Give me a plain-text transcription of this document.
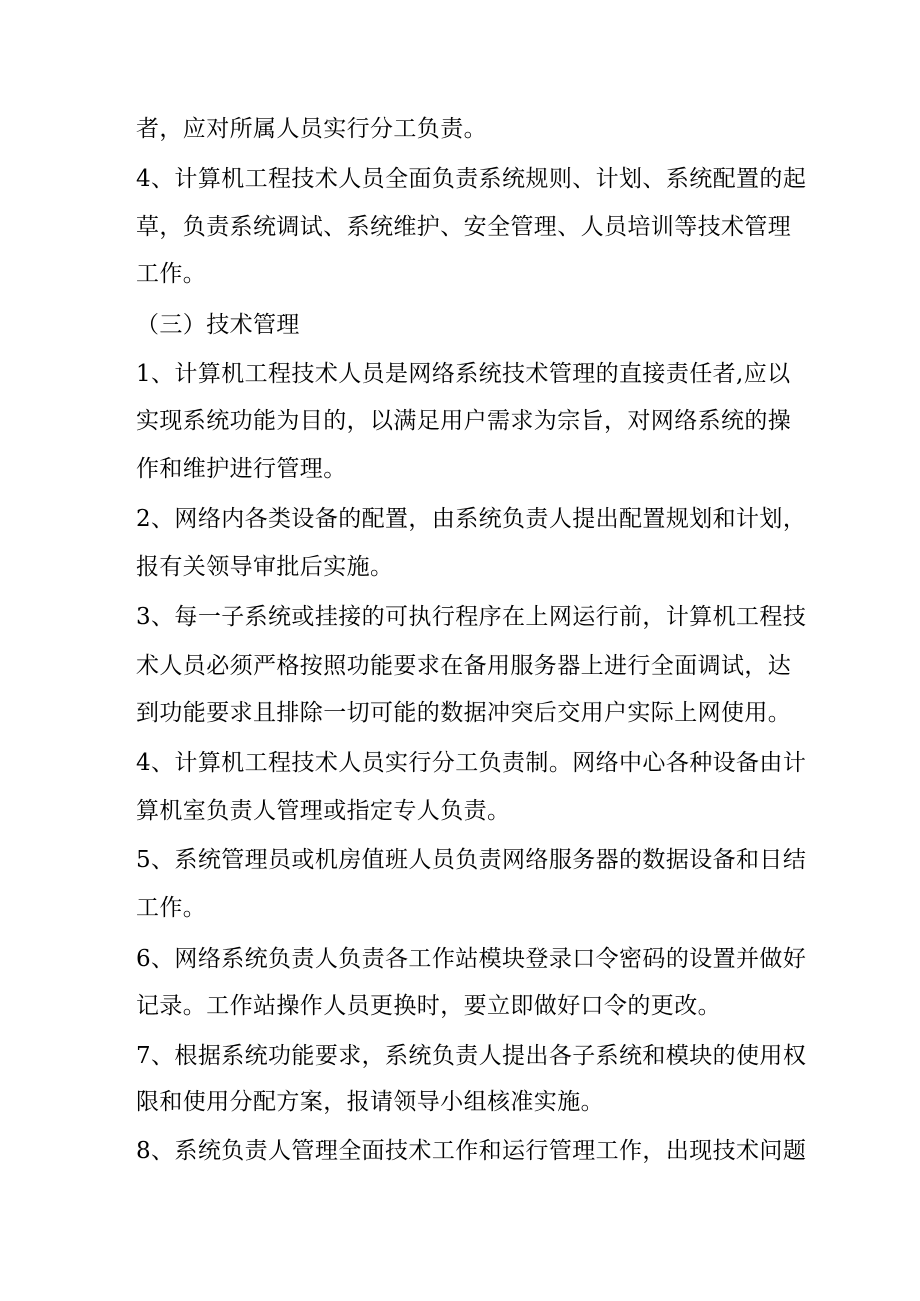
者，应对所属人员实行分工负责。

4、计算机工程技术人员全面负责系统规则、计划、系统配置的起

草，负责系统调试、系统维护、安全管理、人员培训等技术管理

工作。

（三）技术管理

1、计算机工程技术人员是网络系统技术管理的直接责任者,应以

实现系统功能为目的，以满足用户需求为宗旨，对网络系统的操

作和维护进行管理。

2、网络内各类设备的配置，由系统负责人提出配置规划和计划，

报有关领导审批后实施。

3、每一子系统或挂接的可执行程序在上网运行前，计算机工程技

术人员必须严格按照功能要求在备用服务器上进行全面调试，达

到功能要求且排除一切可能的数据冲突后交用户实际上网使用。

4、计算机工程技术人员实行分工负责制。网络中心各种设备由计

算机室负责人管理或指定专人负责。

5、系统管理员或机房值班人员负责网络服务器的数据设备和日结

工作。

6、网络系统负责人负责各工作站模块登录口令密码的设置并做好

记录。工作站操作人员更换时，要立即做好口令的更改。

7、根据系统功能要求，系统负责人提出各子系统和模块的使用权

限和使用分配方案，报请领导小组核准实施。

8、系统负责人管理全面技术工作和运行管理工作，出现技术问题
